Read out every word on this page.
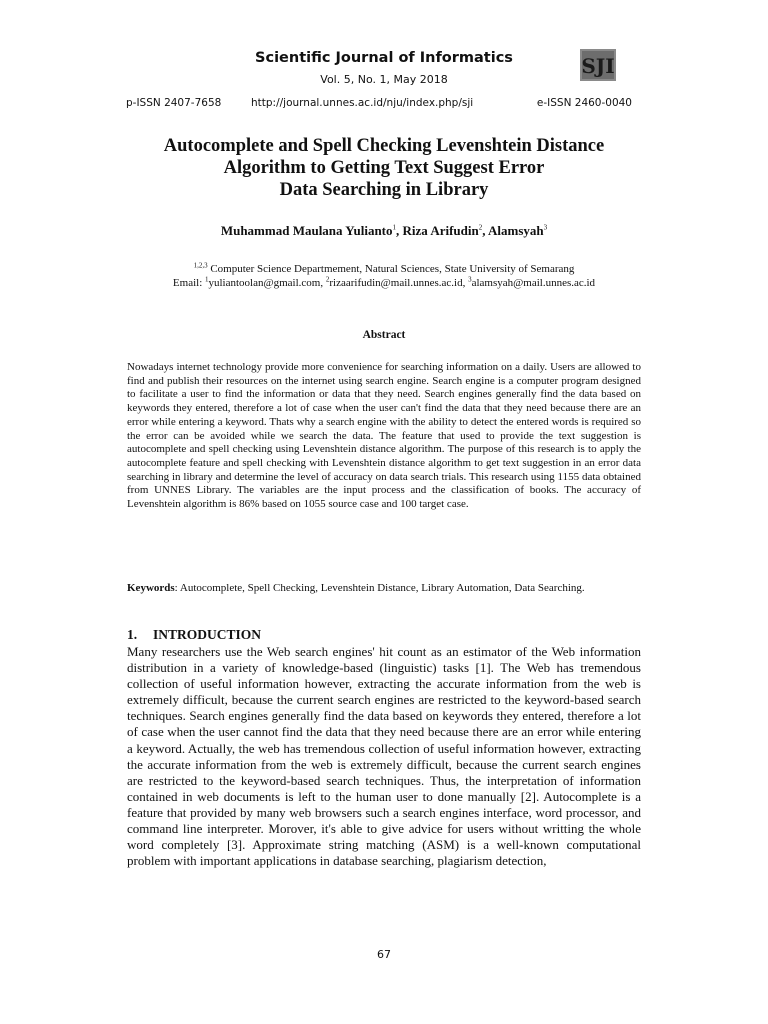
Scientific Journal of Informatics
Vol. 5, No. 1, May 2018
SJI
p-ISSN 2407-7658	http://journal.unnes.ac.id/nju/index.php/sji	e-ISSN 2460-0040
Autocomplete and Spell Checking Levenshtein Distance
Algorithm to Getting Text Suggest Error
Data Searching in Library
Muhammad Maulana Yulianto$^1$, Riza Arifudin$^2$, Alamsyah$^3$
$^{1,2,3}$ Computer Science Departmement, Natural Sciences, State University of Semarang
Email: $^1$yuliantoolan@gmail.com, $^2$rizaarifudin@mail.unnes.ac.id, $^3$alamsyah@mail.unnes.ac.id
Abstract

Nowadays internet technology provide more convenience for searching information on a daily. Users are allowed to find and publish their resources on the internet using search engine. Search engine is a computer program designed to facilitate a user to find the information or data that they need. Search engines generally find the data based on keywords they entered, therefore a lot of case when the user can't find the data that they need because there are an error while entering a keyword. Thats why a search engine with the ability to detect the entered words is required so the error can be avoided while we search the data. The feature that used to provide the text suggestion is autocomplete and spell checking using Levenshtein distance algorithm. The purpose of this research is to apply the autocomplete feature and spell checking with Levenshtein distance algorithm to get text suggestion in an error data searching in library and determine the level of accuracy on data search trials. This research using 1155 data obtained from UNNES Library. The variables are the input process and the classification of books. The accuracy of Levenshtein algorithm is 86% based on 1055 source case and 100 target case.

Keywords: Autocomplete, Spell Checking, Levenshtein Distance, Library Automation, Data Searching.

1. INTRODUCTION

Many researchers use the Web search engines' hit count as an estimator of the Web information distribution in a variety of knowledge-based (linguistic) tasks [1]. The Web has tremendous collection of useful information however, extracting the accurate information from the web is extremely difficult, because the current search engines are restricted to the keyword-based search techniques. Search engines generally find the data based on keywords they entered, therefore a lot of case when the user cannot find the data that they need because there are an error while entering a keyword. Actually, the web has tremendous collection of useful information however, extracting the accurate information from the web is extremely difficult, because the current search engines are restricted to the keyword-based search techniques. Thus, the interpretation of information contained in web documents is left to the human user to done manually [2]. Autocomplete is a feature that provided by many web browsers such a search engines interface, word processor, and command line interpreter. Morover, it's able to give advice for users without writting the whole word completely [3]. Approximate string matching (ASM) is a well-known computational problem with important applications in database searching, plagiarism detection,

67
